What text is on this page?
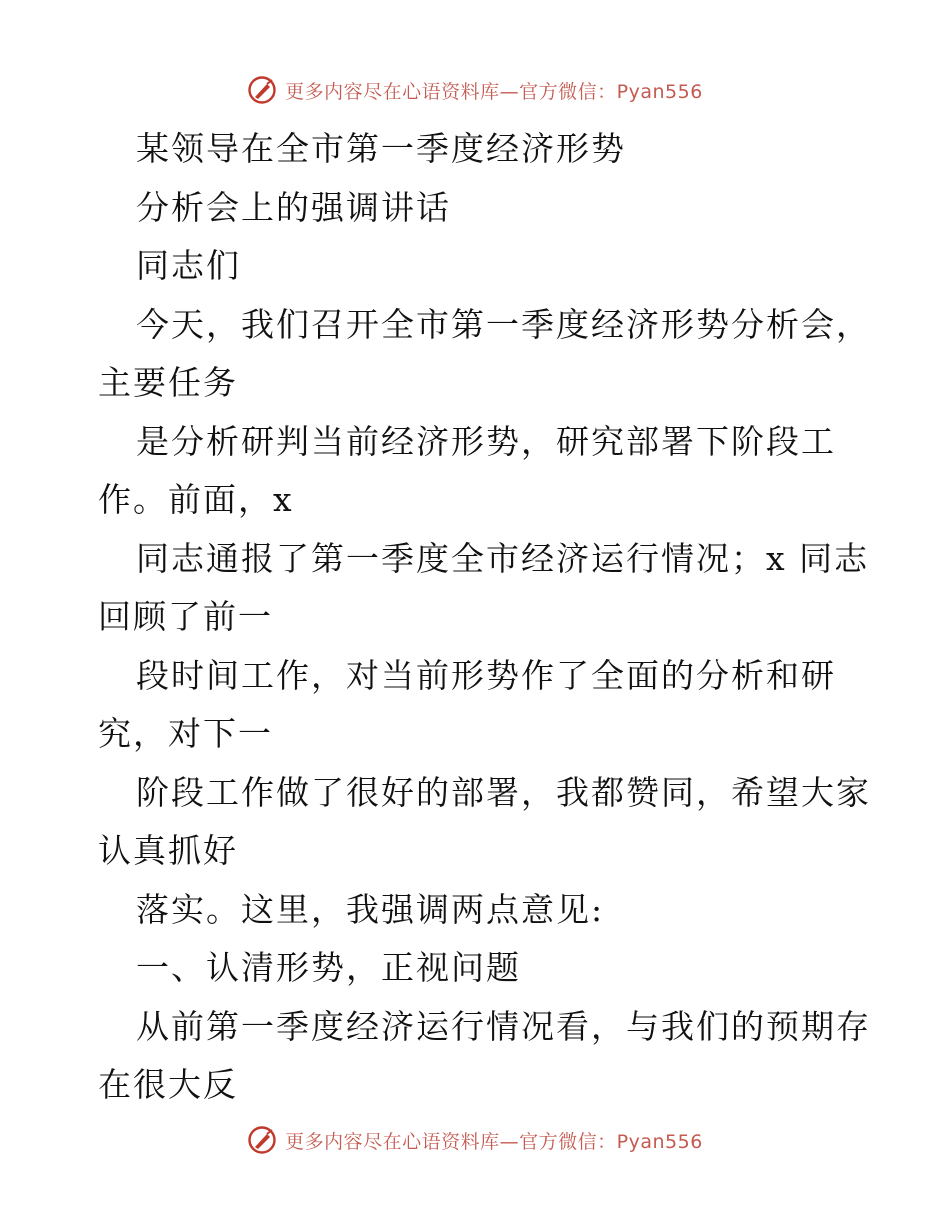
更多内容尽在心语资料库—官方微信：Pyan556

某领导在全市第一季度经济形势

分析会上的强调讲话

同志们

今天，我们召开全市第一季度经济形势分析会，

主要任务

是分析研判当前经济形势，研究部署下阶段工

作。前面，x

同志通报了第一季度全市经济运行情况；x 同志

回顾了前一

段时间工作，对当前形势作了全面的分析和研

究，对下一

阶段工作做了很好的部署，我都赞同，希望大家

认真抓好

落实。这里，我强调两点意见:

一、认清形势，正视问题

从前第一季度经济运行情况看，与我们的预期存

在很大反

更多内容尽在心语资料库—官方微信：Pyan556
